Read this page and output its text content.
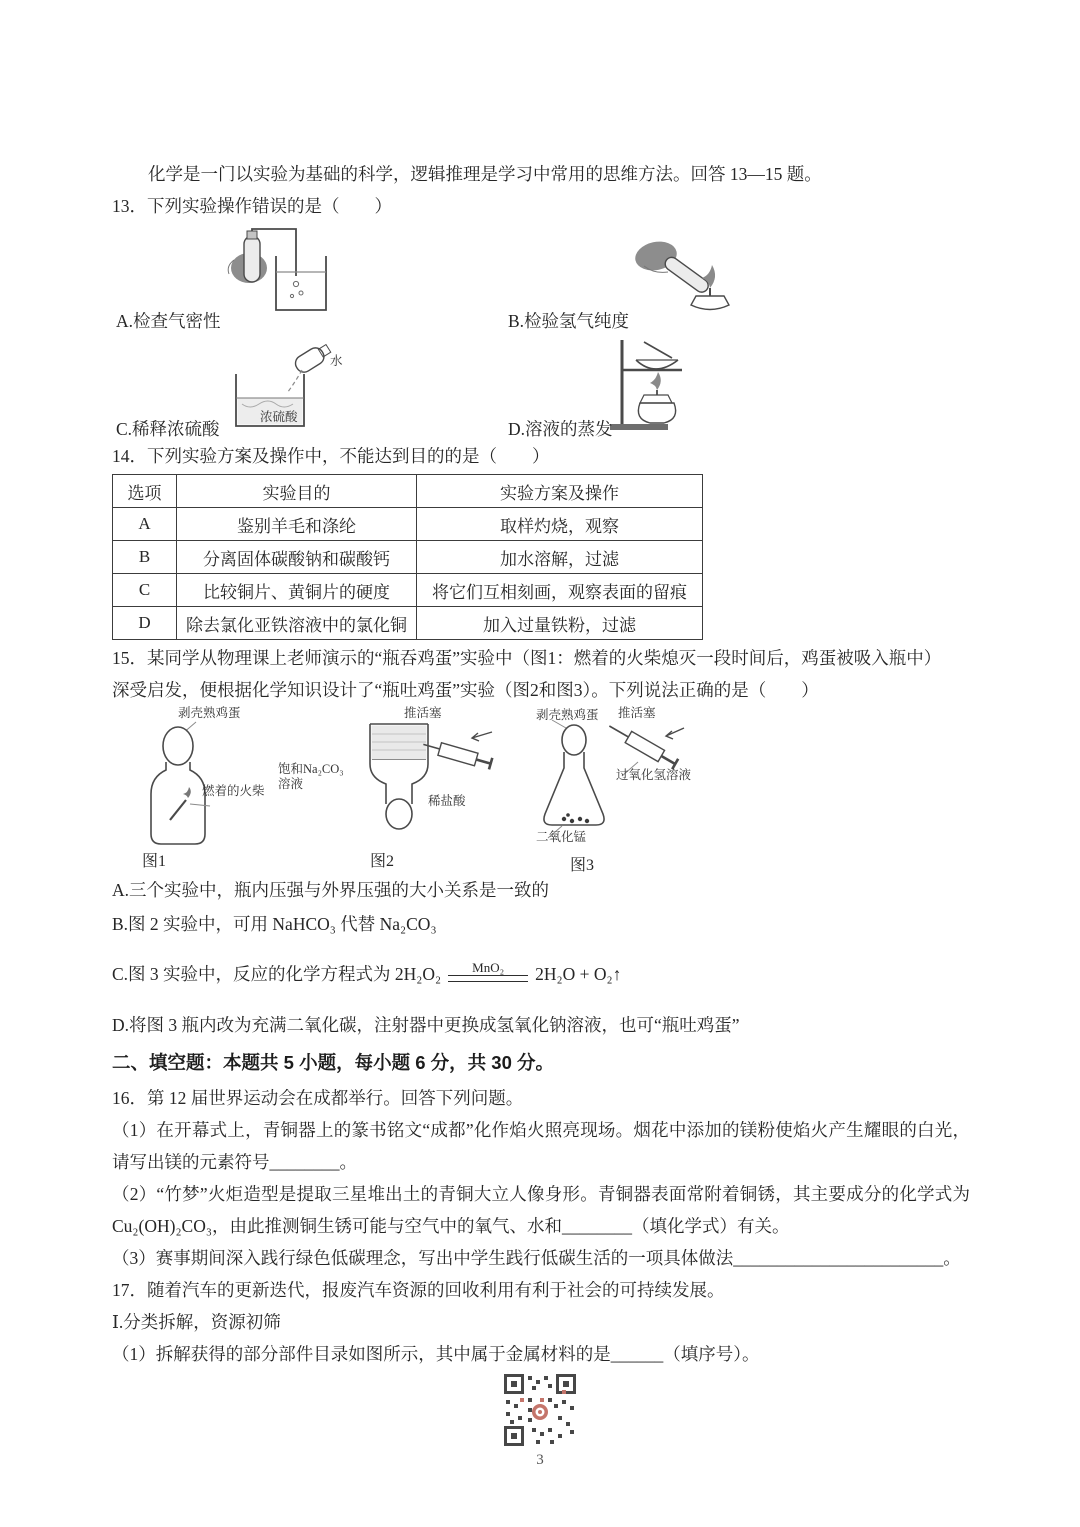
化学是一门以实验为基础的科学，逻辑推理是学习中常用的思维方法。回答 13—15 题。

13．下列实验操作错误的是（　　）

水
浓硫酸
A.检查气密性	B.检验氢气纯度
C.稀释浓硫酸	D.溶液的蒸发

14．下列实验方案及操作中，不能达到目的的是（　　）

选项	实验目的	实验方案及操作
A	鉴别羊毛和涤纶	取样灼烧，观察
B	分离固体碳酸钠和碳酸钙	加水溶解，过滤
C	比较铜片、黄铜片的硬度	将它们互相刻画，观察表面的留痕
D	除去氯化亚铁溶液中的氯化铜	加入过量铁粉，过滤

15．某同学从物理课上老师演示的“瓶吞鸡蛋”实验中（图1：燃着的火柴熄灭一段时间后，鸡蛋被吸入瓶中）

深受启发，便根据化学知识设计了“瓶吐鸡蛋”实验（图2和图3）。下列说法正确的是（　　）

剥壳熟鸡蛋
燃着的火柴
图1
推活塞
饱和Na₂CO₃溶液
稀盐酸
图2
剥壳熟鸡蛋 推活塞
过氧化氢溶液
二氧化锰
图3

A.三个实验中，瓶内压强与外界压强的大小关系是一致的

B.图 2 实验中，可用 NaHCO₃ 代替 Na₂CO₃

C.图 3 实验中，反应的化学方程式为 2H₂O₂ MnO₂ 2H₂O + O₂↑

D.将图 3 瓶内改为充满二氧化碳，注射器中更换成氢氧化钠溶液，也可“瓶吐鸡蛋”

二、填空题：本题共 5 小题，每小题 6 分，共 30 分。

16．第 12 届世界运动会在成都举行。回答下列问题。

（1）在开幕式上，青铜器上的篆书铭文“成都”化作焰火照亮现场。烟花中添加的镁粉使焰火产生耀眼的白光，请写出镁的元素符号________。

（2）“竹梦”火炬造型是提取三星堆出土的青铜大立人像身形。青铜器表面常附着铜锈，其主要成分的化学式为 Cu₂(OH)₂CO₃，由此推测铜生锈可能与空气中的氧气、水和________（填化学式）有关。

（3）赛事期间深入践行绿色低碳理念，写出中学生践行低碳生活的一项具体做法________________________。

17．随着汽车的更新迭代，报废汽车资源的回收利用有利于社会的可持续发展。

Ⅰ.分类拆解，资源初筛

（1）拆解获得的部分部件目录如图所示，其中属于金属材料的是______（填序号）。

3
